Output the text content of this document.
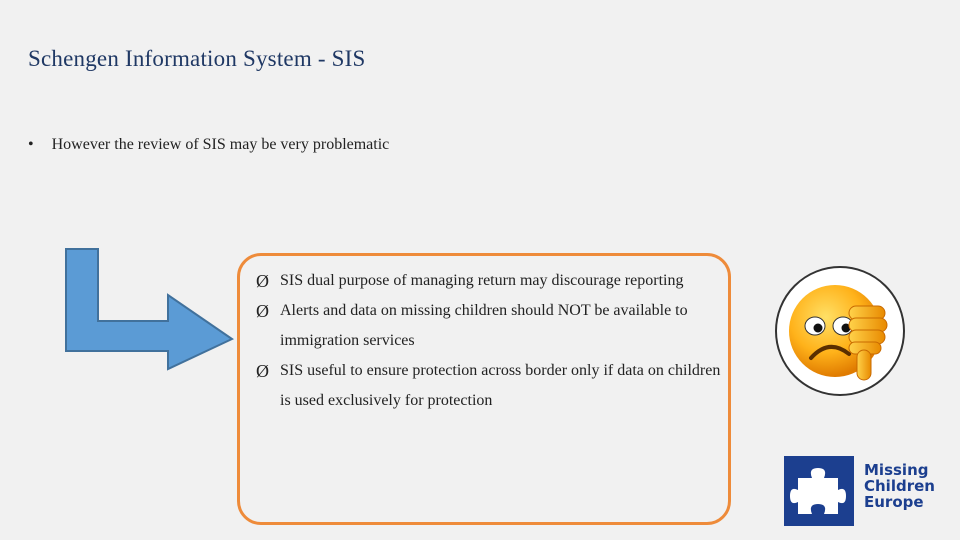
Schengen Information System - SIS
• However the review of SIS may be very problematic
Ø SIS dual purpose of managing return may discourage reporting
Ø Alerts and data on missing children should NOT be available to immigration services
Ø SIS useful to ensure protection across border only if data on children is used exclusively for protection
Missing
Children
Europe
